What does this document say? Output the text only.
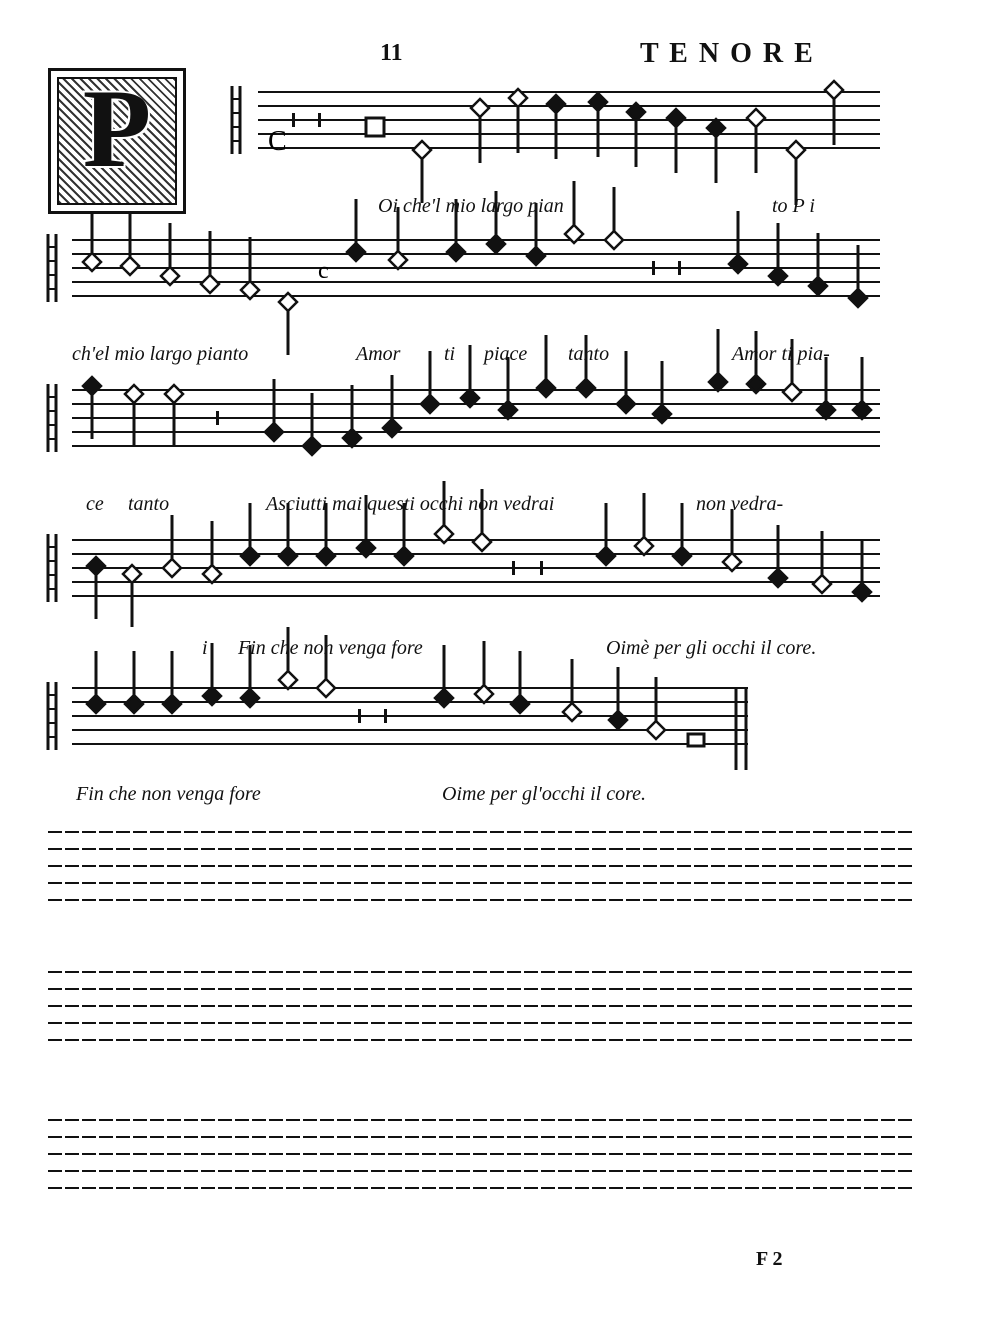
C
c
P
11	T E N O R E
Oi che'l mio largo pian	to P i
ch'el mio largo pianto	Amor ti piace tanto	Amor ti pia-
ce tanto	Asciutti mai questi occhi non vedrai	non vedra-
i Fin che non venga fore	Oimè per gli occhi il core.
Fin che non venga fore	Oime per gl'occhi il core.
F 2
